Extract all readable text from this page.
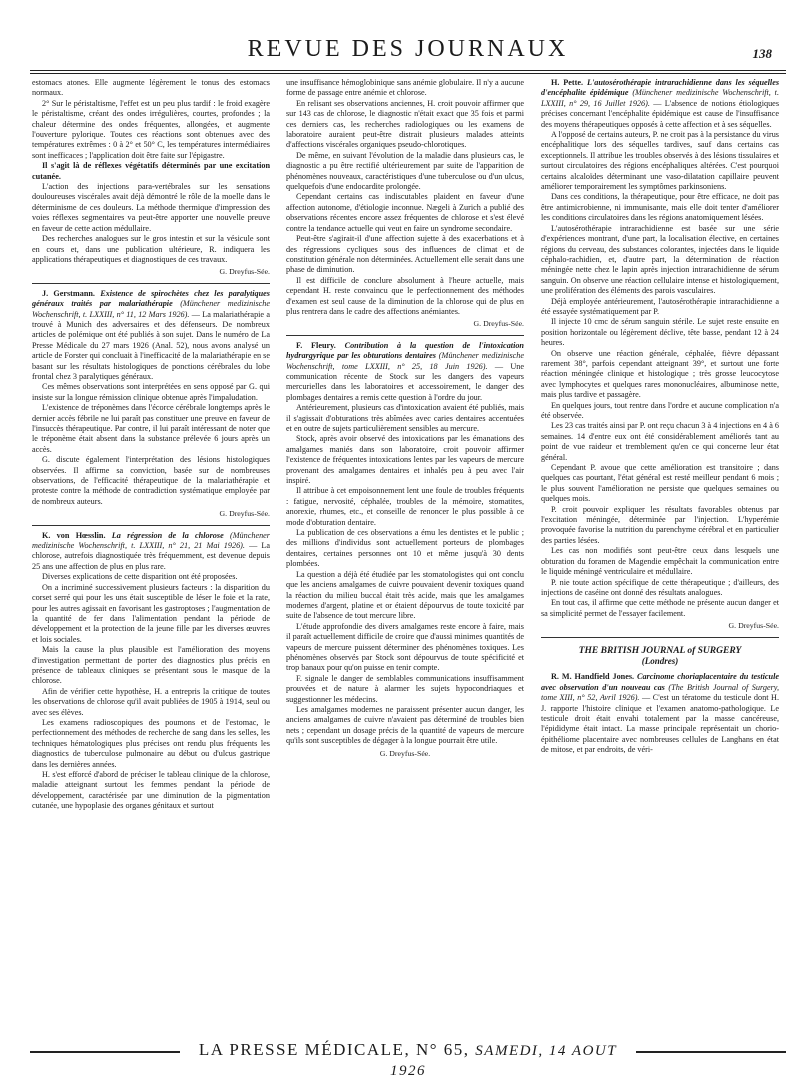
REVUE DES JOURNAUX	138

estomacs atones. Elle augmente légèrement le tonus des estomacs normaux.

2° Sur le péristaltisme, l'effet est un peu plus tardif : le froid exagère le péristaltisme, créant des ondes irrégulières, courtes, profondes ; la chaleur détermine des ondes fréquentes, allongées, et augmente l'ouverture pylorique. Toutes ces réactions sont obtenues avec des températures extrêmes : 0 à 2° et 50° C, les températures intermédiaires sont inefficaces ; l'application doit être faite sur l'épigastre.

Il s'agit là de réflexes végétatifs déterminés par une excitation cutanée.

L'action des injections para-vertébrales sur les sensations douloureuses viscérales avait déjà démontré le rôle de la moelle dans le déterminisme de ces douleurs. La méthode thermique d'impression des voies réflexes segmentaires va peut-être apporter une nouvelle preuve en faveur de cette action médullaire.

Des recherches analogues sur le gros intestin et sur la vésicule sont en cours et, dans une publication ultérieure, R. indiquera les applications thérapeutiques et diagnostiques de ces travaux.

G. Dreyfus-Sée.

J. Gerstmann. Existence de spirochètes chez les paralytiques généraux traités par malariathérapie (Münchener medizinische Wochenschrift, t. LXXIII, n° 11, 12 Mars 1926). — La malariathérapie a trouvé à Munich des adversaires et des défenseurs. De nombreux articles de polémique ont été publiés à son sujet. Dans le numéro de La Presse Médicale du 27 mars 1926 (Anal. 52), nous avons analysé un article de Forster qui concluait à l'inefficacité de la malariathérapie en se basant sur les résultats histologiques de ponctions cérébrales du lobe frontal chez 3 paralytiques généraux.

Ces mêmes observations sont interprétées en sens opposé par G. qui insiste sur la longue rémission clinique obtenue après l'impaludation.

L'existence de tréponèmes dans l'écorce cérébrale longtemps après le dernier accès fébrile ne lui paraît pas constituer une preuve en faveur de l'insuccès thérapeutique. Par contre, il lui paraît intéressant de noter que le tréponème était absent dans la substance prélevée 6 jours après un accès.

G. discute également l'interprétation des lésions histologiques observées. Il affirme sa conviction, basée sur de nombreuses observations, de l'efficacité thérapeutique de la malariathérapie et proteste contre la méthode de contradiction systématique employée par de nombreux auteurs.

G. Dreyfus-Sée.

K. von Hœsslin. La régression de la chlorose (Münchener medizinische Wochenschrift, t. LXXIII, n° 21, 21 Mai 1926). — La chlorose, autrefois diagnostiquée très fréquemment, est devenue depuis 25 ans une affection de plus en plus rare.

Diverses explications de cette disparition ont été proposées.

On a incriminé successivement plusieurs facteurs : la disparition du corset serré qui pour les uns était susceptible de léser le foie et la rate, pour les autres agissait en favorisant les gastroptoses ; l'augmentation de la quantité de fer dans l'alimentation pendant la période de développement et la protection de la jeune fille par les diverses œuvres et lois sociales.

Mais la cause la plus plausible est l'amélioration des moyens d'investigation permettant de porter des diagnostics plus précis en présence de tableaux cliniques se présentant sous le masque de la chlorose.

Afin de vérifier cette hypothèse, H. a entrepris la critique de toutes les observations de chlorose qu'il avait publiées de 1905 à 1914, seul ou avec ses élèves.

Les examens radioscopiques des poumons et de l'estomac, le perfectionnement des méthodes de recherche de sang dans les selles, les techniques hématologiques plus précises ont rendu plus fréquents les diagnostics de tuberculose pulmonaire au début ou d'ulcus gastrique dans les dernières années.

H. s'est efforcé d'abord de préciser le tableau clinique de la chlorose, maladie atteignant surtout les femmes pendant la période de développement, caractérisée par une diminution de la pigmentation cutanée, une hypoplasie des organes génitaux et surtout

une insuffisance hémoglobinique sans anémie globulaire. Il n'y a aucune forme de passage entre anémie et chlorose.

En relisant ses observations anciennes, H. croit pouvoir affirmer que sur 143 cas de chlorose, le diagnostic n'était exact que 35 fois et parmi ces derniers cas, les recherches radiologiques ou les examens de laboratoire auraient peut-être distrait plusieurs malades atteints d'affections viscérales organiques pseudo-chlorotiques.

De même, en suivant l'évolution de la maladie dans plusieurs cas, le diagnostic a pu être rectifié ultérieurement par suite de l'apparition de phénomènes nouveaux, caractéristiques d'une tuberculose ou d'un ulcus, quelquefois d'une endocardite prolongée.

Cependant certains cas indiscutables plaident en faveur d'une affection autonome, d'étiologie inconnue. Nægeli à Zurich a publié des observations récentes encore assez fréquentes de chlorose et s'est élevé contre la tendance actuelle qui veut en faire un syndrome secondaire.

Peut-être s'agirait-il d'une affection sujette à des exacerbations et à des régressions cycliques sous des influences de climat et de constitution générale non déterminées. Actuellement elle serait dans une phase de diminution.

Il est difficile de conclure absolument à l'heure actuelle, mais cependant H. reste convaincu que le perfectionnement des méthodes d'examen est seul cause de la diminution de la chlorose qui de plus en plus rentrera dans le cadre des affections anémiantes.

G. Dreyfus-Sée.

F. Fleury. Contribution à la question de l'intoxication hydrargyrique par les obturations dentaires (Münchener medizinische Wochenschrift, tome LXXIII, n° 25, 18 Juin 1926). — Une communication récente de Stock sur les dangers des vapeurs mercurielles dans les laboratoires et accessoirement, le danger des plombages dentaires a remis cette question à l'ordre du jour.

Antérieurement, plusieurs cas d'intoxication avaient été publiés, mais il s'agissait d'obturations très abîmées avec caries dentaires accentuées et en outre de sujets particulièrement sensibles au mercure.

Stock, après avoir observé des intoxications par les émanations des amalgames maniés dans son laboratoire, croit pouvoir affirmer l'existence de fréquentes intoxications lentes par les vapeurs de mercure provenant des amalgames dentaires et inhalés peu à peu avec l'air inspiré.

Il attribue à cet empoisonnement lent une foule de troubles fréquents : fatigue, nervosité, céphalée, troubles de la mémoire, stomatites, anorexie, rhumes, etc., et conseille de renoncer le plus possible à ce mode d'obturation dentaire.

La publication de ces observations a ému les dentistes et le public ; des millions d'individus sont actuellement porteurs de plombages dentaires, certaines personnes ont 10 et même jusqu'à 30 dents plombées.

La question a déjà été étudiée par les stomatologistes qui ont conclu que les anciens amalgames de cuivre pouvaient devenir toxiques quand la réaction du milieu buccal était très acide, mais que les amalgames modernes d'argent, platine et or étaient dépourvus de toute toxicité par suite de l'absence de tout mercure libre.

L'étude approfondie des divers amalgames reste encore à faire, mais il paraît actuellement difficile de croire que d'aussi minimes quantités de vapeurs de mercure puissent déterminer des phénomènes toxiques. Les phénomènes observés par Stock sont dépourvus de toute spécificité et trop banaux pour qu'on puisse en tenir compte.

F. signale le danger de semblables communications insuffisamment prouvées et de nature à alarmer les sujets hypocondriaques et suggestionner les médecins.

Les amalgames modernes ne paraissent présenter aucun danger, les anciens amalgames de cuivre n'avaient pas déterminé de troubles bien nets ; cependant un dosage précis de la quantité de vapeurs de mercure qu'ils sont susceptibles de dégager à la longue pourrait être utile.

G. Dreyfus-Sée.

H. Pette. L'autosérothérapie intrarachidienne dans les séquelles d'encéphalite épidémique (Münchener medizinische Wochenschrift, t. LXXIII, n° 29, 16 Juillet 1926). — L'absence de notions étiologiques précises concernant l'encéphalite épidémique est cause de l'insuffisance des moyens thérapeutiques opposés à cette affection et à ses séquelles.

A l'opposé de certains auteurs, P. ne croit pas à la persistance du virus encéphalitique lors des séquelles tardives, sauf dans certains cas exceptionnels. Il attribue les troubles observés à des lésions tissulaires et surtout circulatoires des régions encéphaliques altérées. C'est pourquoi certains alcaloïdes déterminant une vaso-dilatation capillaire peuvent améliorer temporairement les symptômes parkinsoniens.

Dans ces conditions, la thérapeutique, pour être efficace, ne doit pas être antimicrobienne, ni immunisante, mais elle doit tenter d'améliorer les conditions circulatoires dans les régions anatomiquement lésées.

L'autosérothérapie intrarachidienne est basée sur une série d'expériences montrant, d'une part, la localisation élective, en certaines régions du cerveau, des substances colorantes, injectées dans le liquide céphalo-rachidien, et, d'autre part, la détermination de réaction méningée nette chez le lapin après injection intrarachidienne de sérum sanguin. On observe une réaction cellulaire intense et histologiquement, une prolifération des éléments des parois vasculaires.

Déjà employée antérieurement, l'autosérothérapie intrarachidienne a été essayée systématiquement par P.

Il injecte 10 cmc de sérum sanguin stérile. Le sujet reste ensuite en position horizontale ou légèrement déclive, tête basse, pendant 12 à 24 heures.

On observe une réaction générale, céphalée, fièvre dépassant rarement 38°, parfois cependant atteignant 39°, et surtout une forte réaction méningée clinique et histologique ; très grosse leucocytose avec lymphocytes et quelques rares mononucléaires, albuminose nette, mais plus tardive et passagère.

En quelques jours, tout rentre dans l'ordre et aucune complication n'a été observée.

Les 23 cas traités ainsi par P. ont reçu chacun 3 à 4 injections en 4 à 6 semaines. 14 d'entre eux ont été considérablement améliorés tant au point de vue raideur et tremblement qu'en ce qui concerne leur état général.

Cependant P. avoue que cette amélioration est transitoire ; dans quelques cas pourtant, l'état général est resté meilleur pendant 6 mois ; le plus souvent l'amélioration ne persiste que quelques semaines ou quelques mois.

P. croit pouvoir expliquer les résultats favorables obtenus par l'excitation méningée, déterminée par l'injection. L'hyperémie provoquée favorise la nutrition du parenchyme cérébral et en particulier des parties lésées.

Les cas non modifiés sont peut-être ceux dans lesquels une obturation du foramen de Magendie empêchait la communication entre le liquide méningé ventriculaire et médullaire.

P. nie toute action spécifique de cette thérapeutique ; d'ailleurs, des injections de caséine ont donné des résultats analogues.

En tout cas, il affirme que cette méthode ne présente aucun danger et sa simplicité permet de l'essayer facilement.

G. Dreyfus-Sée.
THE BRITISH JOURNAL of SURGERY
(Londres)

R. M. Handfield Jones. Carcinome choriaplacentaire du testicule avec observation d'un nouveau cas (The British Journal of Surgery, tome XIII, n° 52, Avril 1926). — C'est un tératome du testicule dont H. J. rapporte l'histoire clinique et l'examen anatomo-pathologique. Le testicule droit était envahi totalement par la masse cancéreuse, l'épididyme était intact. La masse principale représentait un chorio-épithéliome placentaire avec nombreuses cellules de Langhans en état de mitose, et par endroits, de véri-

LA PRESSE MÉDICALE, N° 65, SAMEDI, 14 AOUT 1926
